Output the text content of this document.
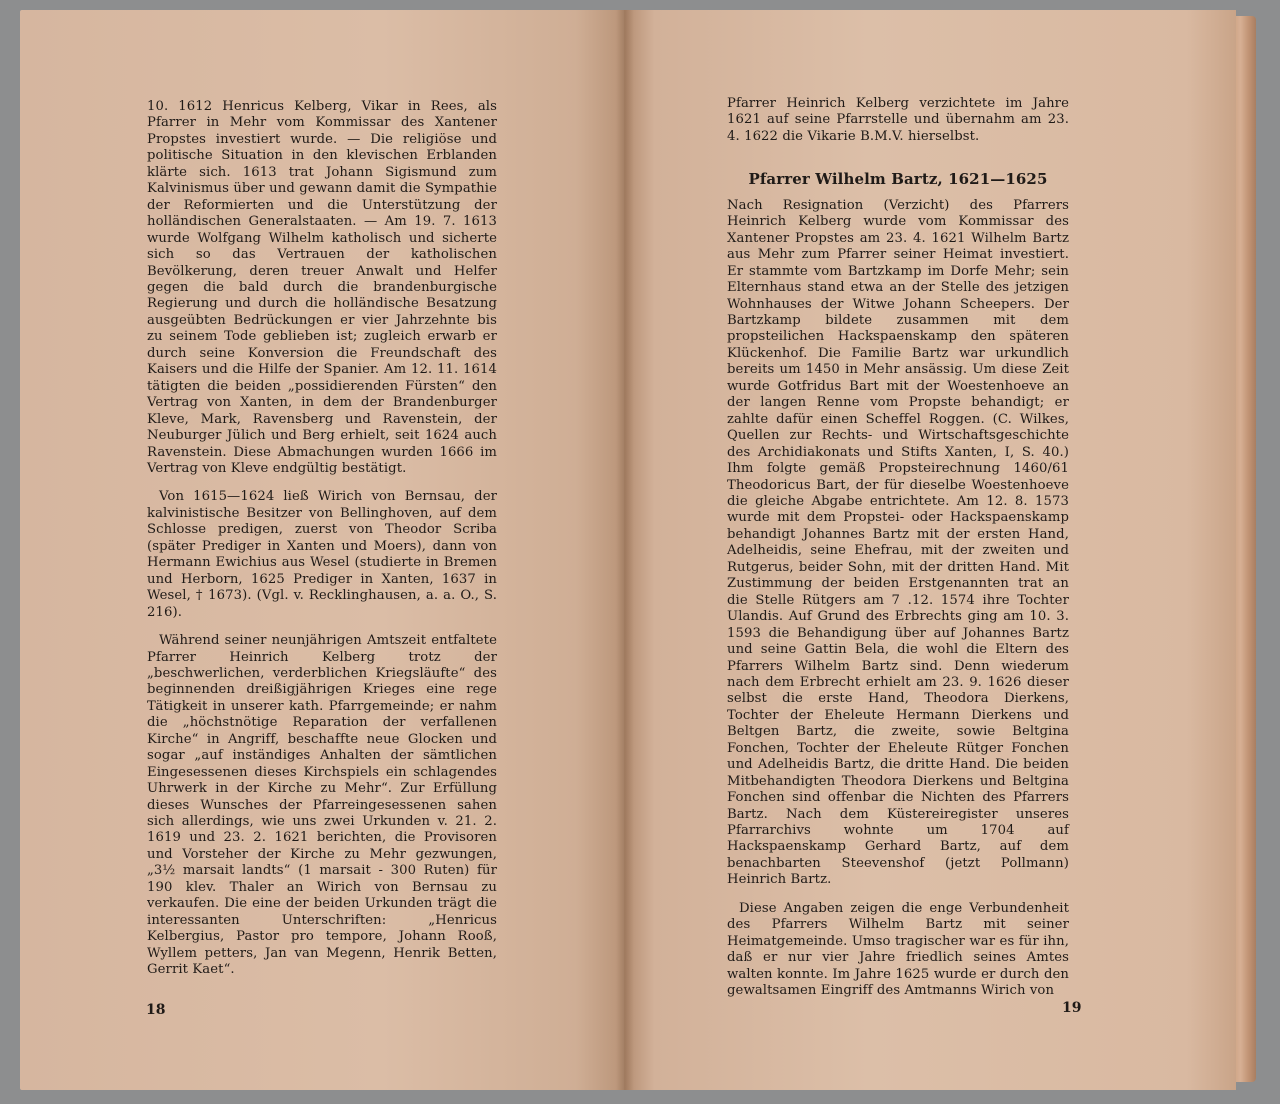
10. 1612 Henricus Kelberg, Vikar in Rees, als Pfarrer in Mehr vom Kommissar des Xantener Propstes investiert wurde. — Die religiöse und politische Situation in den klevischen Erblanden klärte sich. 1613 trat Johann Sigismund zum Kalvinismus über und gewann damit die Sympathie der Reformierten und die Unterstützung der holländischen Generalstaaten. — Am 19. 7. 1613 wurde Wolfgang Wilhelm katholisch und sicherte sich so das Vertrauen der katholischen Bevölkerung, deren treuer Anwalt und Helfer gegen die bald durch die brandenburgische Regierung und durch die holländische Besatzung ausgeübten Bedrückungen er vier Jahrzehnte bis zu seinem Tode geblieben ist; zugleich erwarb er durch seine Konversion die Freundschaft des Kaisers und die Hilfe der Spanier. Am 12. 11. 1614 tätigten die beiden „possidierenden Fürsten“ den Vertrag von Xanten, in dem der Brandenburger Kleve, Mark, Ravensberg und Ravenstein, der Neuburger Jülich und Berg erhielt, seit 1624 auch Ravenstein. Diese Abmachungen wurden 1666 im Vertrag von Kleve endgültig bestätigt.

Von 1615—1624 ließ Wirich von Bernsau, der kalvinistische Besitzer von Bellinghoven, auf dem Schlosse predigen, zuerst von Theodor Scriba (später Prediger in Xanten und Moers), dann von Hermann Ewichius aus Wesel (studierte in Bremen und Herborn, 1625 Prediger in Xanten, 1637 in Wesel, † 1673). (Vgl. v. Recklinghausen, a. a. O., S. 216).

Während seiner neunjährigen Amtszeit entfaltete Pfarrer Heinrich Kelberg trotz der „beschwerlichen, verderblichen Kriegsläufte“ des beginnenden dreißigjährigen Krieges eine rege Tätigkeit in unserer kath. Pfarrgemeinde; er nahm die „höchstnötige Reparation der verfallenen Kirche“ in Angriff, beschaffte neue Glocken und sogar „auf inständiges Anhalten der sämtlichen Eingesessenen dieses Kirchspiels ein schlagendes Uhrwerk in der Kirche zu Mehr“. Zur Erfüllung dieses Wunsches der Pfarreingesessenen sahen sich allerdings, wie uns zwei Urkunden v. 21. 2. 1619 und 23. 2. 1621 berichten, die Provisoren und Vorsteher der Kirche zu Mehr gezwungen, „3½ marsait landts“ (1 marsait - 300 Ruten) für 190 klev. Thaler an Wirich von Bernsau zu verkaufen. Die eine der beiden Urkunden trägt die interessanten Unterschriften: „Henricus Kelbergius, Pastor pro tempore, Johann Rooß, Wyllem petters, Jan van Megenn, Henrik Betten, Gerrit Kaet“.

18

Pfarrer Heinrich Kelberg verzichtete im Jahre 1621 auf seine Pfarrstelle und übernahm am 23. 4. 1622 die Vikarie B.M.V. hierselbst.

Pfarrer Wilhelm Bartz, 1621—1625

Nach Resignation (Verzicht) des Pfarrers Heinrich Kelberg wurde vom Kommissar des Xantener Propstes am 23. 4. 1621 Wilhelm Bartz aus Mehr zum Pfarrer seiner Heimat investiert. Er stammte vom Bartzkamp im Dorfe Mehr; sein Elternhaus stand etwa an der Stelle des jetzigen Wohnhauses der Witwe Johann Scheepers. Der Bartzkamp bildete zusammen mit dem propsteilichen Hackspaenskamp den späteren Klückenhof. Die Familie Bartz war urkundlich bereits um 1450 in Mehr ansässig. Um diese Zeit wurde Gotfridus Bart mit der Woestenhoeve an der langen Renne vom Propste behandigt; er zahlte dafür einen Scheffel Roggen. (C. Wilkes, Quellen zur Rechts- und Wirtschaftsgeschichte des Archidiakonats und Stifts Xanten, I, S. 40.) Ihm folgte gemäß Propsteirechnung 1460/61 Theodoricus Bart, der für dieselbe Woestenhoeve die gleiche Abgabe entrichtete. Am 12. 8. 1573 wurde mit dem Propstei- oder Hackspaenskamp behandigt Johannes Bartz mit der ersten Hand, Adelheidis, seine Ehefrau, mit der zweiten und Rutgerus, beider Sohn, mit der dritten Hand. Mit Zustimmung der beiden Erstgenannten trat an die Stelle Rütgers am 7 .12. 1574 ihre Tochter Ulandis. Auf Grund des Erbrechts ging am 10. 3. 1593 die Behandigung über auf Johannes Bartz und seine Gattin Bela, die wohl die Eltern des Pfarrers Wilhelm Bartz sind. Denn wiederum nach dem Erbrecht erhielt am 23. 9. 1626 dieser selbst die erste Hand, Theodora Dierkens, Tochter der Eheleute Hermann Dierkens und Beltgen Bartz, die zweite, sowie Beltgina Fonchen, Tochter der Eheleute Rütger Fonchen und Adelheidis Bartz, die dritte Hand. Die beiden Mitbehandigten Theodora Dierkens und Beltgina Fonchen sind offenbar die Nichten des Pfarrers Bartz. Nach dem Küstereiregister unseres Pfarrarchivs wohnte um 1704 auf Hackspaenskamp Gerhard Bartz, auf dem benachbarten Steevenshof (jetzt Pollmann) Heinrich Bartz.

Diese Angaben zeigen die enge Verbundenheit des Pfarrers Wilhelm Bartz mit seiner Heimatgemeinde. Umso tragischer war es für ihn, daß er nur vier Jahre friedlich seines Amtes walten konnte. Im Jahre 1625 wurde er durch den gewaltsamen Eingriff des Amtmanns Wirich von

19
